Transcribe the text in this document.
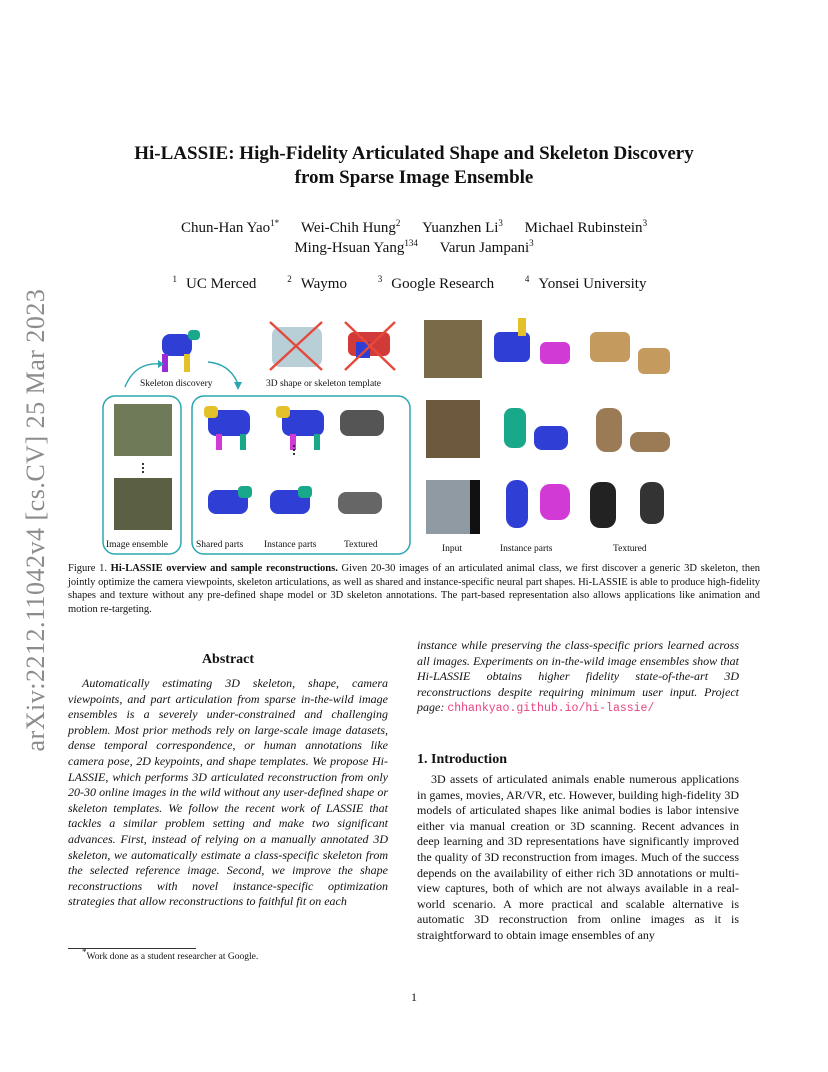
arXiv:2212.11042v4 [cs.CV] 25 Mar 2023
Hi-LASSIE: High-Fidelity Articulated Shape and Skeleton Discovery
from Sparse Image Ensemble
Chun-Han Yao$^{1*}$ Wei-Chih Hung$^2$ Yuanzhen Li$^3$ Michael Rubinstein$^3$
Ming-Hsuan Yang$^{134}$ Varun Jampani$^3$
$^1$ UC Merced	$^2$ Waymo	$^3$ Google Research	$^4$ Yonsei University
Skeleton discovery	3D shape or skeleton template
Image ensemble	Shared parts Instance parts	Textured	Input	Instance parts	Textured
Figure 1. Hi-LASSIE overview and sample reconstructions. Given 20-30 images of an articulated animal class, we first discover a generic 3D skeleton, then jointly optimize the camera viewpoints, skeleton articulations, as well as shared and instance-specific neural part shapes. Hi-LASSIE is able to produce high-fidelity shapes and texture without any pre-defined shape model or 3D skeleton annotations. The part-based representation also allows applications like animation and motion re-targeting.
Abstract
Automatically estimating 3D skeleton, shape, camera viewpoints, and part articulation from sparse in-the-wild image ensembles is a severely under-constrained and challenging problem. Most prior methods rely on large-scale image datasets, dense temporal correspondence, or human annotations like camera pose, 2D keypoints, and shape templates. We propose Hi-LASSIE, which performs 3D articulated reconstruction from only 20-30 online images in the wild without any user-defined shape or skeleton templates. We follow the recent work of LASSIE that tackles a similar problem setting and make two significant advances. First, instead of relying on a manually annotated 3D skeleton, we automatically estimate a class-specific skeleton from the selected reference image. Second, we improve the shape reconstructions with novel instance-specific optimization strategies that allow reconstructions to faithful fit on each
instance while preserving the class-specific priors learned across all images. Experiments on in-the-wild image ensembles show that Hi-LASSIE obtains higher fidelity state-of-the-art 3D reconstructions despite requiring minimum user input. Project page: chhankyao.github.io/hi-lassie/
1. Introduction
3D assets of articulated animals enable numerous applications in games, movies, AR/VR, etc. However, building high-fidelity 3D models of articulated shapes like animal bodies is labor intensive either via manual creation or 3D scanning. Recent advances in deep learning and 3D representations have significantly improved the quality of 3D reconstruction from images. Much of the success depends on the availability of either rich 3D annotations or multi-view captures, both of which are not always available in a real-world scenario. A more practical and scalable alternative is automatic 3D reconstruction from online images as it is straightforward to obtain image ensembles of any
*Work done as a student researcher at Google.
1
